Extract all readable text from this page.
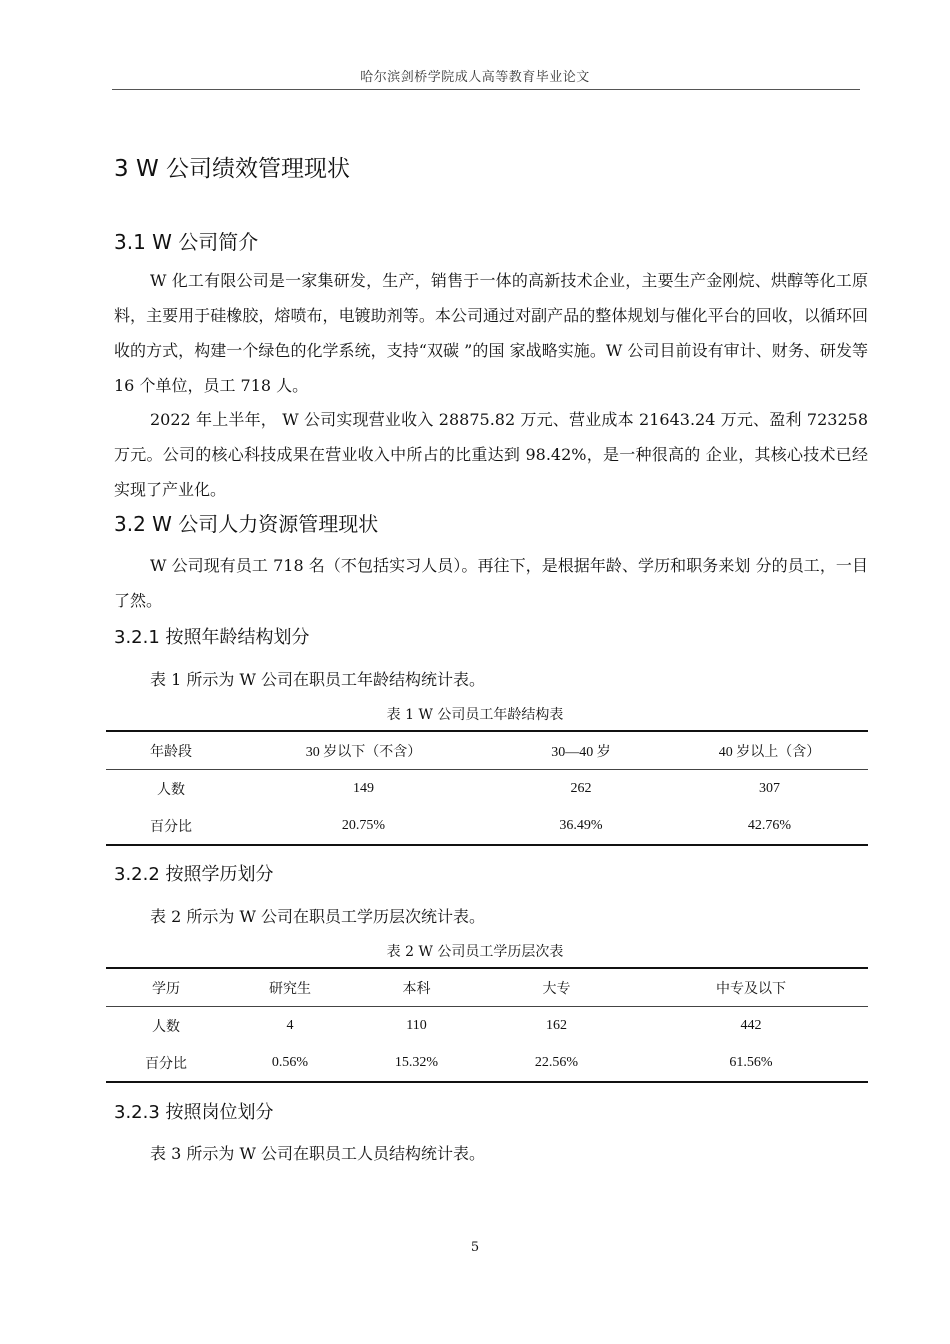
哈尔滨剑桥学院成人高等教育毕业论文
3 W 公司绩效管理现状
3.1 W 公司简介

W 化工有限公司是一家集研发，生产，销售于一体的高新技术企业，主要生产金刚烷、烘醇等化工原料，主要用于硅橡胶，熔喷布，电镀助剂等。本公司通过对副产品的整体规划与催化平台的回收，以循环回收的方式，构建一个绿色的化学系统，支持“双碳 ”的国 家战略实施。W 公司目前设有审计、财务、研发等 16 个单位，员工 718 人。

2022 年上半年， W 公司实现营业收入 28875.82 万元、营业成本 21643.24 万元、盈利 723258 万元。公司的核心科技成果在营业收入中所占的比重达到 98.42%，是一种很高的 企业，其核心技术已经实现了产业化。

3.2 W 公司人力资源管理现状

W 公司现有员工 718 名（不包括实习人员）。再往下，是根据年龄、学历和职务来划 分的员工，一目了然。

3.2.1 按照年龄结构划分
表 1 所示为 W 公司在职员工年龄结构统计表。
表 1 W 公司员工年龄结构表
年龄段	30 岁以下（不含）	30—40 岁	40 岁以上（含）
人数	149	262	307
百分比	20.75%	36.49%	42.76%
3.2.2 按照学历划分
表 2 所示为 W 公司在职员工学历层次统计表。
表 2 W 公司员工学历层次表
学历	研究生	本科	大专	中专及以下
人数	4	110	162	442
百分比	0.56%	15.32%	22.56%	61.56%
3.2.3 按照岗位划分
表 3 所示为 W 公司在职员工人员结构统计表。
5
